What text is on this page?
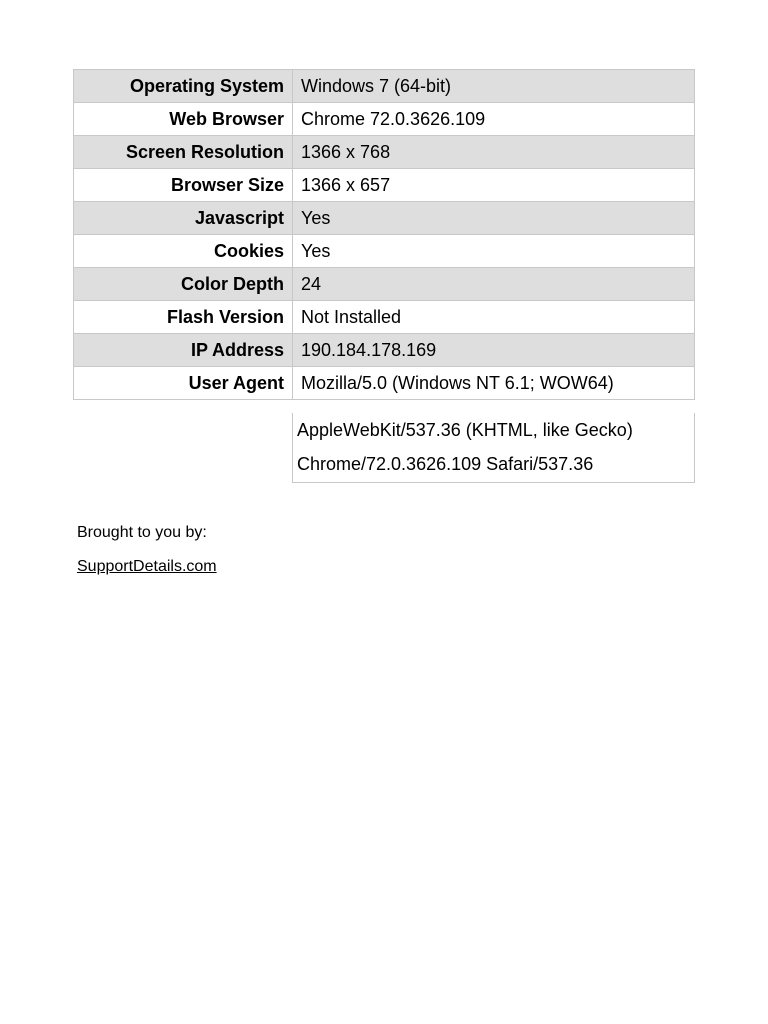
Operating System	Windows 7 (64-bit)
Web Browser	Chrome 72.0.3626.109
Screen Resolution	1366 x 768
Browser Size	1366 x 657
Javascript	Yes
Cookies	Yes
Color Depth	24
Flash Version	Not Installed
IP Address	190.184.178.169
User Agent	Mozilla/5.0 (Windows NT 6.1; WOW64)
AppleWebKit/537.36 (KHTML, like Gecko)
Chrome/72.0.3626.109 Safari/537.36
Brought to you by:
SupportDetails.com
